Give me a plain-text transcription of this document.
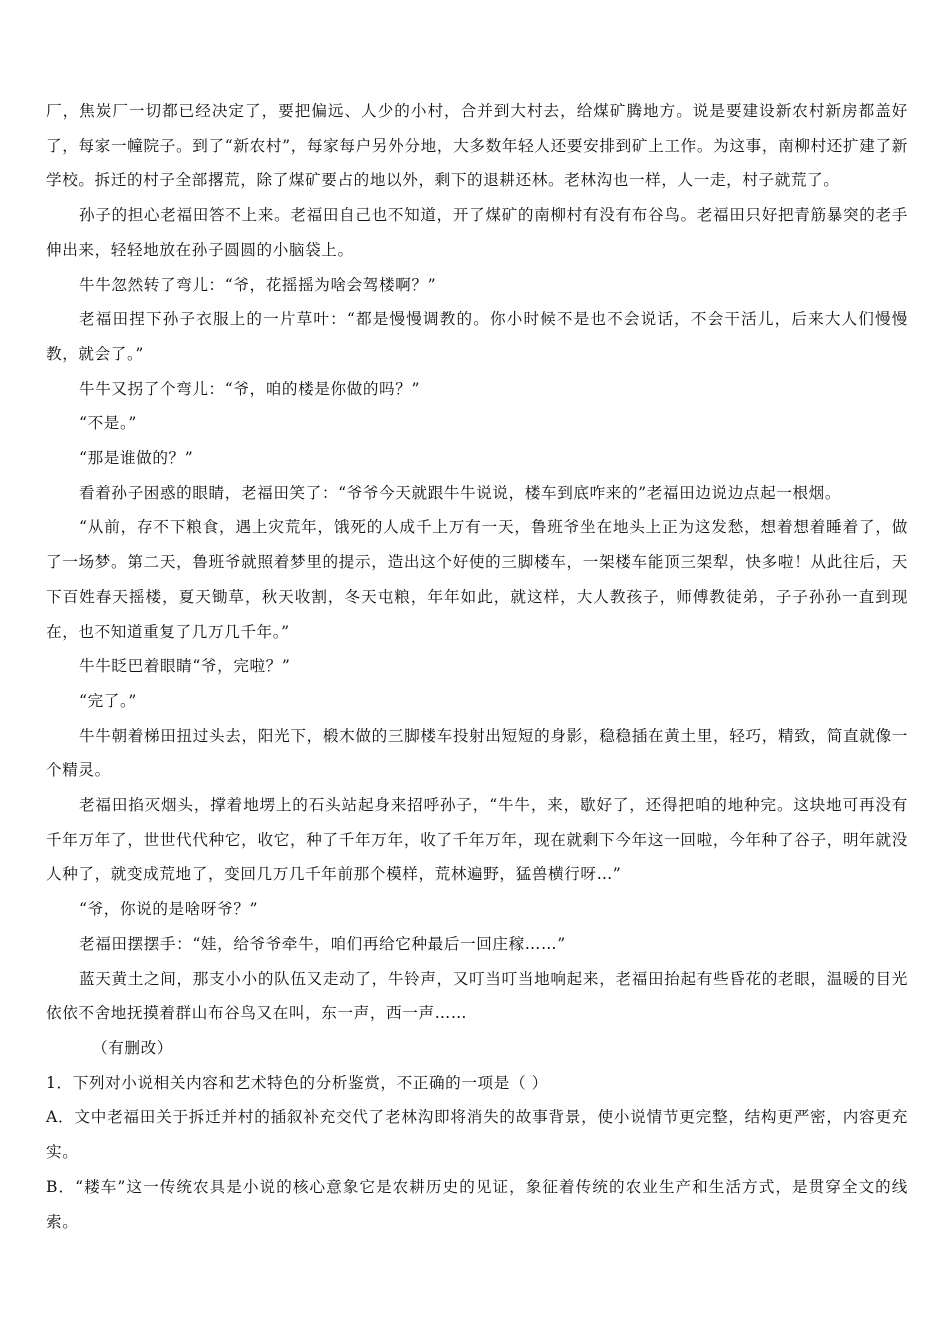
厂，焦炭厂一切都已经决定了，要把偏远、人少的小村，合并到大村去，给煤矿腾地方。说是要建设新农村新房都盖好了，每家一幢院子。到了“新农村”，每家每户另外分地，大多数年轻人还要安排到矿上工作。为这事，南柳村还扩建了新学校。拆迁的村子全部撂荒，除了煤矿要占的地以外，剩下的退耕还林。老林沟也一样，人一走，村子就荒了。

孙子的担心老福田答不上来。老福田自己也不知道，开了煤矿的南柳村有没有布谷鸟。老福田只好把青筋暴突的老手伸出来，轻轻地放在孙子圆圆的小脑袋上。

牛牛忽然转了弯儿：“爷，花摇摇为啥会驾楼啊？”

老福田捏下孙子衣服上的一片草叶：“都是慢慢调教的。你小时候不是也不会说话，不会干活儿，后来大人们慢慢教，就会了。”

牛牛又拐了个弯儿：“爷，咱的楼是你做的吗？”

“不是。”

“那是谁做的？”

看着孙子困惑的眼睛，老福田笑了：“爷爷今天就跟牛牛说说，楼车到底咋来的”老福田边说边点起一根烟。

“从前，存不下粮食，遇上灾荒年，饿死的人成千上万有一天，鲁班爷坐在地头上正为这发愁，想着想着睡着了，做了一场梦。第二天，鲁班爷就照着梦里的提示，造出这个好使的三脚楼车，一架楼车能顶三架犁，快多啦！从此往后，天下百姓春天摇楼，夏天锄草，秋天收割，冬天屯粮，年年如此，就这样，大人教孩子，师傅教徒弟，子子孙孙一直到现在，也不知道重复了几万几千年。”

牛牛眨巴着眼睛“爷，完啦？”

“完了。”

牛牛朝着梯田扭过头去，阳光下，椴木做的三脚楼车投射出短短的身影，稳稳插在黄土里，轻巧，精致，简直就像一个精灵。

老福田掐灭烟头，撑着地塄上的石头站起身来招呼孙子，“牛牛，来，歇好了，还得把咱的地种完。这块地可再没有千年万年了，世世代代种它，收它，种了千年万年，收了千年万年，现在就剩下今年这一回啦，今年种了谷子，明年就没人种了，就变成荒地了，变回几万几千年前那个模样，荒林遍野，猛兽横行呀…”

“爷，你说的是啥呀爷？”

老福田摆摆手：“娃，给爷爷牵牛，咱们再给它种最后一回庄稼……”

蓝天黄土之间，那支小小的队伍又走动了，牛铃声，又叮当叮当地响起来，老福田抬起有些昏花的老眼，温暖的目光依依不舍地抚摸着群山布谷鸟又在叫，东一声，西一声……

（有删改）

1．下列对小说相关内容和艺术特色的分析鉴赏，不正确的一项是（ ）

A．文中老福田关于拆迁并村的插叙补充交代了老林沟即将消失的故事背景，使小说情节更完整，结构更严密，内容更充实。

B．“耧车”这一传统农具是小说的核心意象它是农耕历史的见证，象征着传统的农业生产和生活方式，是贯穿全文的线索。
